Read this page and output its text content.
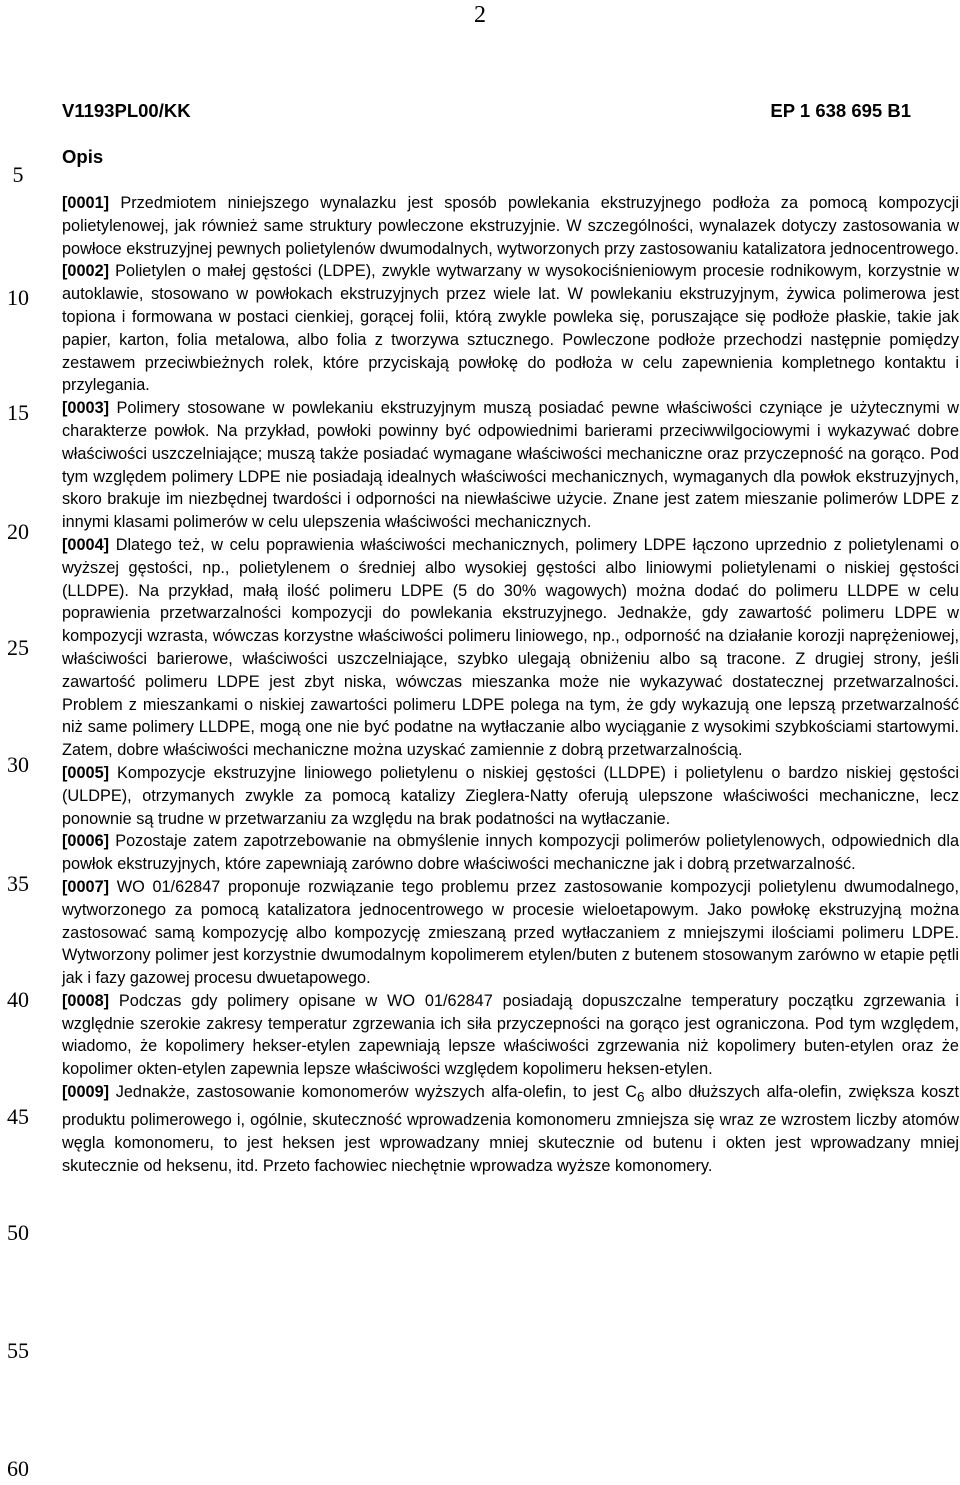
2
V1193PL00/KK	EP 1 638 695 B1
5
10
15
20
25
30
35
40
45
50
55
60
Opis

[0001] Przedmiotem niniejszego wynalazku jest sposób powlekania ekstruzyjnego podłoża za pomocą kompozycji polietylenowej, jak również same struktury powleczone ekstruzyjnie. W szczególności, wynalazek dotyczy zastosowania w powłoce ekstruzyjnej pewnych polietylenów dwumodalnych, wytworzonych przy zastosowaniu katalizatora jednocentrowego.

[0002] Polietylen o małej gęstości (LDPE), zwykle wytwarzany w wysokociśnieniowym procesie rodnikowym, korzystnie w autoklawie, stosowano w powłokach ekstruzyjnych przez wiele lat. W powlekaniu ekstruzyjnym, żywica polimerowa jest topiona i formowana w postaci cienkiej, gorącej folii, którą zwykle powleka się, poruszające się podłoże płaskie, takie jak papier, karton, folia metalowa, albo folia z tworzywa sztucznego. Powleczone podłoże przechodzi następnie pomiędzy zestawem przeciwbieżnych rolek, które przyciskają powłokę do podłoża w celu zapewnienia kompletnego kontaktu i przylegania.

[0003] Polimery stosowane w powlekaniu ekstruzyjnym muszą posiadać pewne właściwości czyniące je użytecznymi w charakterze powłok. Na przykład, powłoki powinny być odpowiednimi barierami przeciwwilgociowymi i wykazywać dobre właściwości uszczelniające; muszą także posiadać wymagane właściwości mechaniczne oraz przyczepność na gorąco. Pod tym względem polimery LDPE nie posiadają idealnych właściwości mechanicznych, wymaganych dla powłok ekstruzyjnych, skoro brakuje im niezbędnej twardości i odporności na niewłaściwe użycie. Znane jest zatem mieszanie polimerów LDPE z innymi klasami polimerów w celu ulepszenia właściwości mechanicznych.

[0004] Dlatego też, w celu poprawienia właściwości mechanicznych, polimery LDPE łączono uprzednio z polietylenami o wyższej gęstości, np., polietylenem o średniej albo wysokiej gęstości albo liniowymi polietylenami o niskiej gęstości (LLDPE). Na przykład, małą ilość polimeru LDPE (5 do 30% wagowych) można dodać do polimeru LLDPE w celu poprawienia przetwarzalności kompozycji do powlekania ekstruzyjnego. Jednakże, gdy zawartość polimeru LDPE w kompozycji wzrasta, wówczas korzystne właściwości polimeru liniowego, np., odporność na działanie korozji naprężeniowej, właściwości barierowe, właściwości uszczelniające, szybko ulegają obniżeniu albo są tracone. Z drugiej strony, jeśli zawartość polimeru LDPE jest zbyt niska, wówczas mieszanka może nie wykazywać dostatecznej przetwarzalności. Problem z mieszankami o niskiej zawartości polimeru LDPE polega na tym, że gdy wykazują one lepszą przetwarzalność niż same polimery LLDPE, mogą one nie być podatne na wytłaczanie albo wyciąganie z wysokimi szybkościami startowymi. Zatem, dobre właściwości mechaniczne można uzyskać zamiennie z dobrą przetwarzalnością.

[0005] Kompozycje ekstruzyjne liniowego polietylenu o niskiej gęstości (LLDPE) i polietylenu o bardzo niskiej gęstości (ULDPE), otrzymanych zwykle za pomocą katalizy Zieglera-Natty oferują ulepszone właściwości mechaniczne, lecz ponownie są trudne w przetwarzaniu za względu na brak podatności na wytłaczanie.

[0006] Pozostaje zatem zapotrzebowanie na obmyślenie innych kompozycji polimerów polietylenowych, odpowiednich dla powłok ekstruzyjnych, które zapewniają zarówno dobre właściwości mechaniczne jak i dobrą przetwarzalność.

[0007] WO 01/62847 proponuje rozwiązanie tego problemu przez zastosowanie kompozycji polietylenu dwumodalnego, wytworzonego za pomocą katalizatora jednocentrowego w procesie wieloetapowym. Jako powłokę ekstruzyjną można zastosować samą kompozycję albo kompozycję zmieszaną przed wytłaczaniem z mniejszymi ilościami polimeru LDPE. Wytworzony polimer jest korzystnie dwumodalnym kopolimerem etylen/buten z butenem stosowanym zarówno w etapie pętli jak i fazy gazowej procesu dwuetapowego.

[0008] Podczas gdy polimery opisane w WO 01/62847 posiadają dopuszczalne temperatury początku zgrzewania i względnie szerokie zakresy temperatur zgrzewania ich siła przyczepności na gorąco jest ograniczona. Pod tym względem, wiadomo, że kopolimery hekser-etylen zapewniają lepsze właściwości zgrzewania niż kopolimery buten-etylen oraz że kopolimer okten-etylen zapewnia lepsze właściwości względem kopolimeru heksen-etylen.

[0009] Jednakże, zastosowanie komonomerów wyższych alfa-olefin, to jest $C_6$ albo dłuższych alfa-olefin, zwiększa koszt produktu polimerowego i, ogólnie, skuteczność wprowadzenia komonomeru zmniejsza się wraz ze wzrostem liczby atomów węgla komonomeru, to jest heksen jest wprowadzany mniej skutecznie od butenu i okten jest wprowadzany mniej skutecznie od heksenu, itd. Przeto fachowiec niechętnie wprowadza wyższe komonomery.
